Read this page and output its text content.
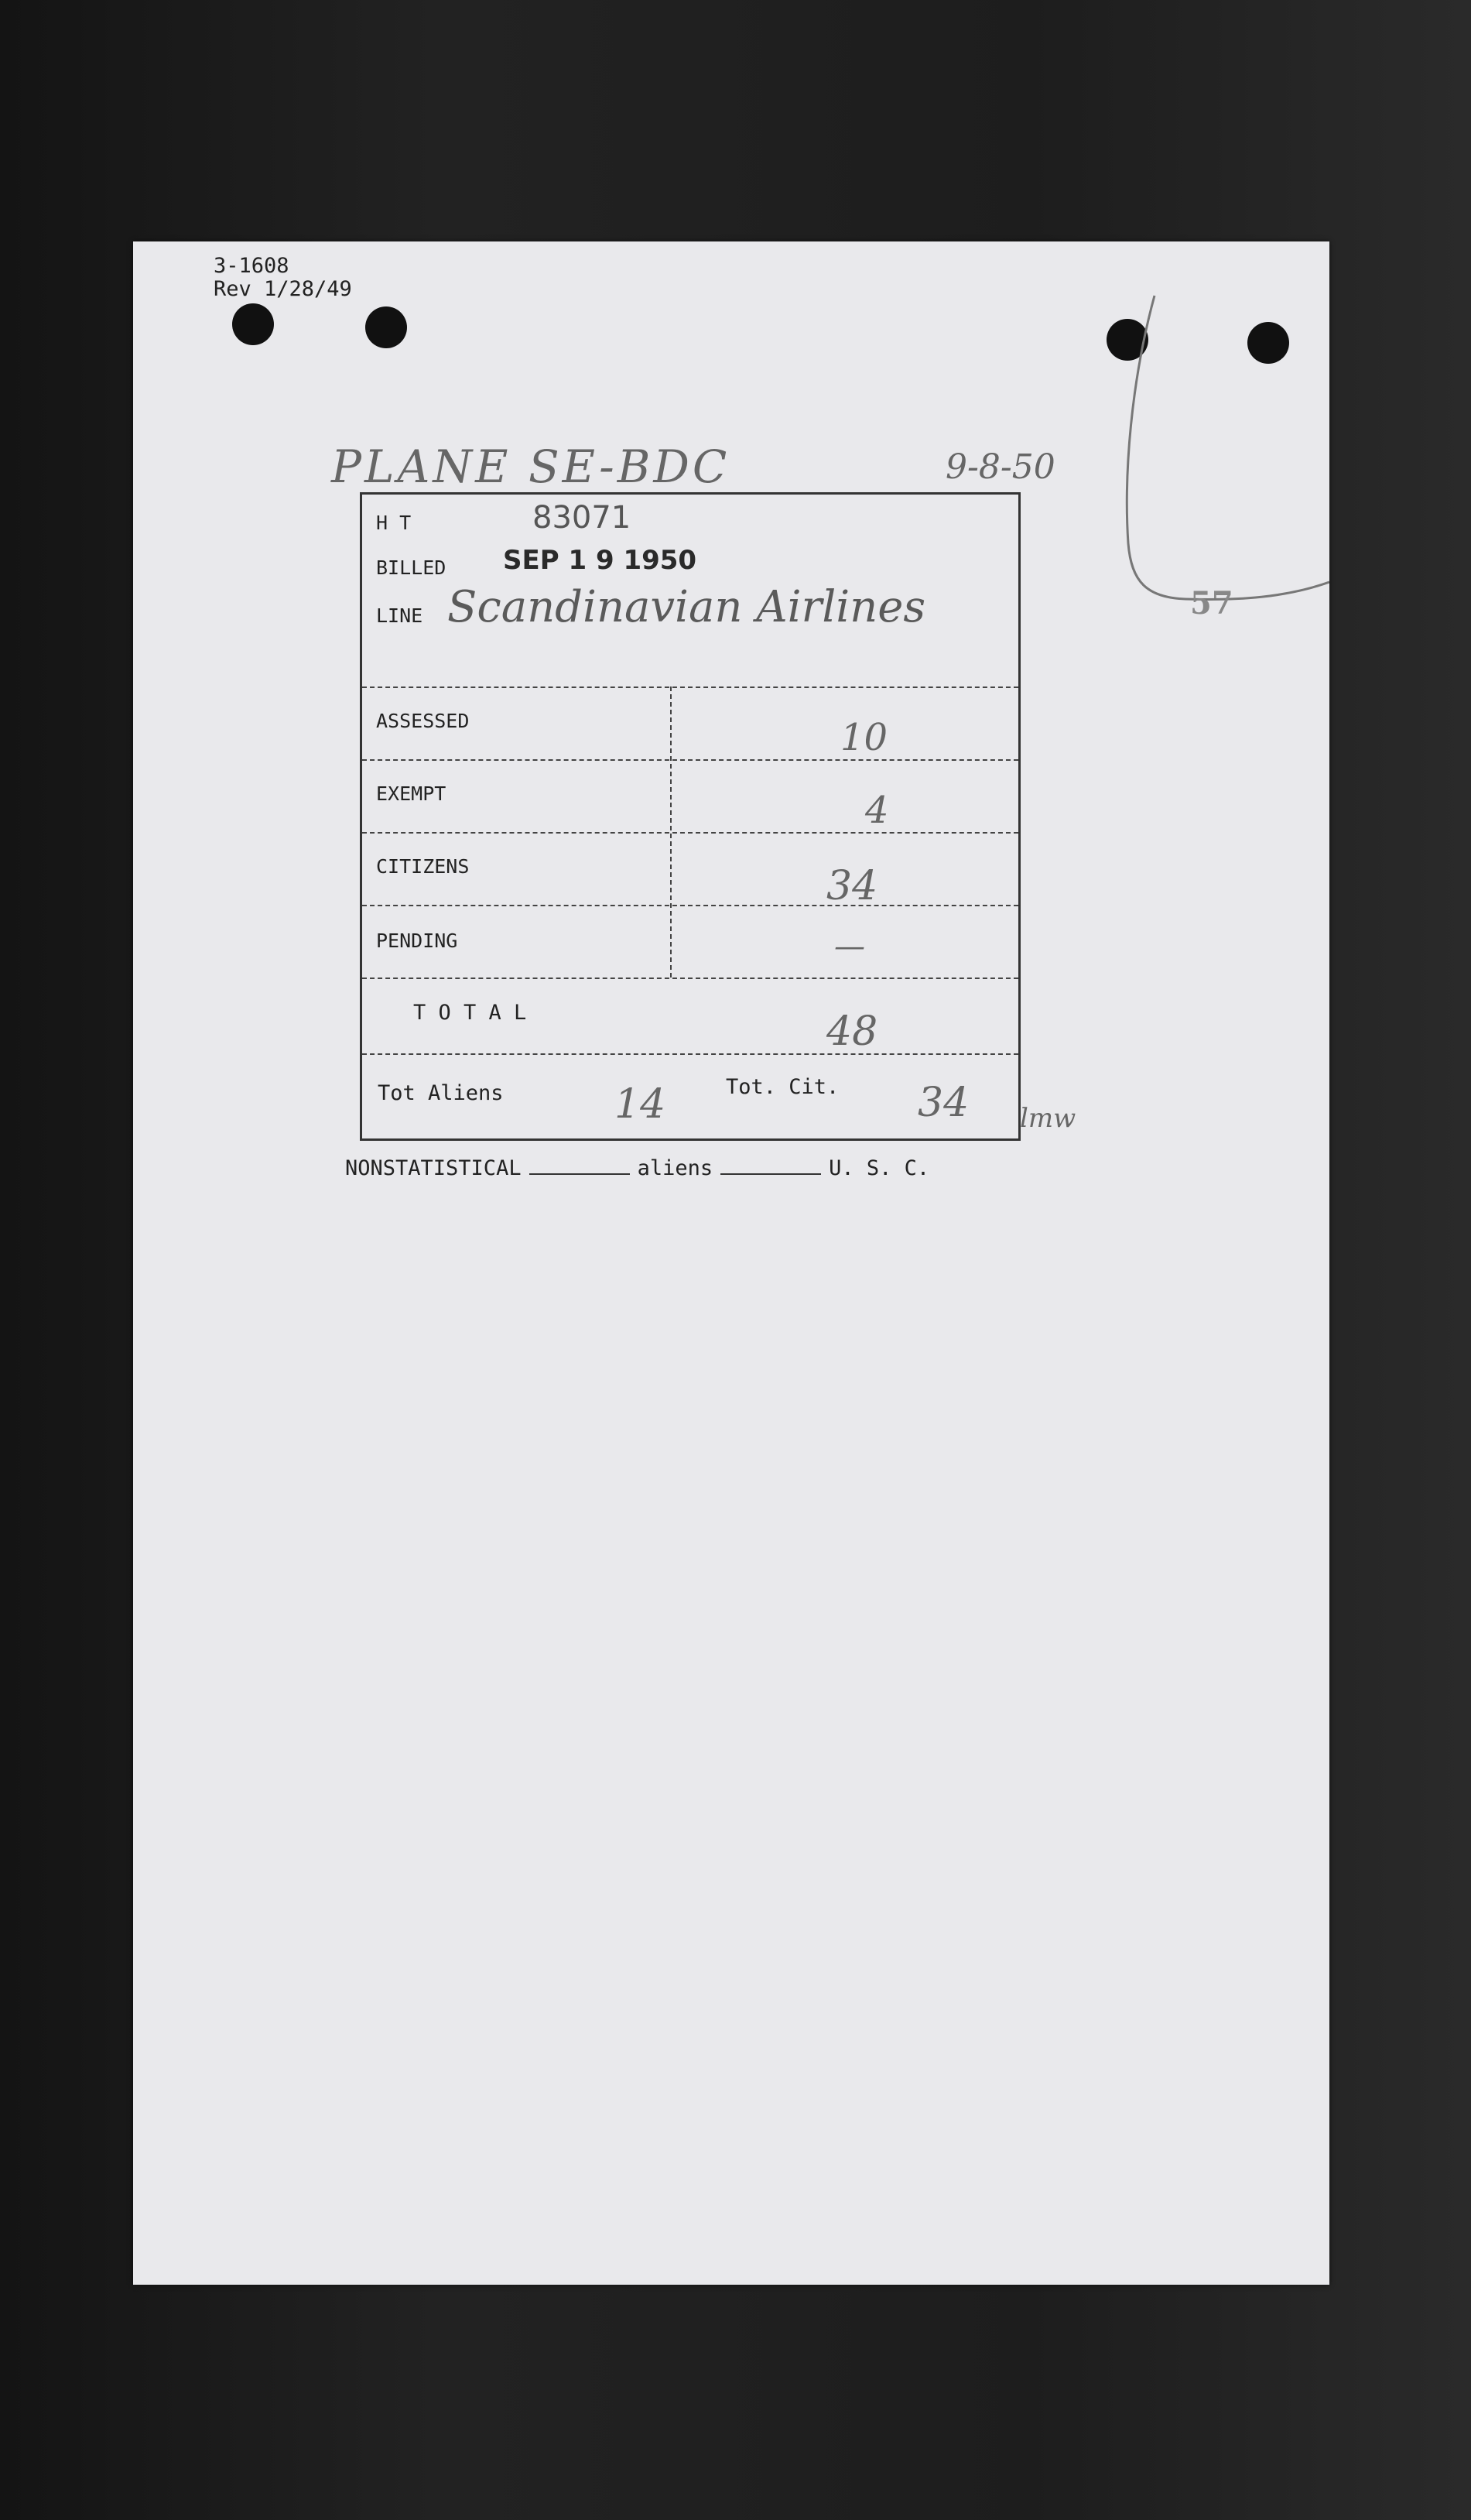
3-1608
Rev 1/28/49
PLANE SE-BDC	9-8-50
57
H T	83071
BILLED SEP 1 9 1950
LINE Scandinavian Airlines
ASSESSED	10
EXEMPT	4
CITIZENS	34
PENDING	—
T O T A L	48
Tot Aliens	14	Tot. Cit. 34 lmw
NONSTATISTICAL	aliens	U. S. C.
